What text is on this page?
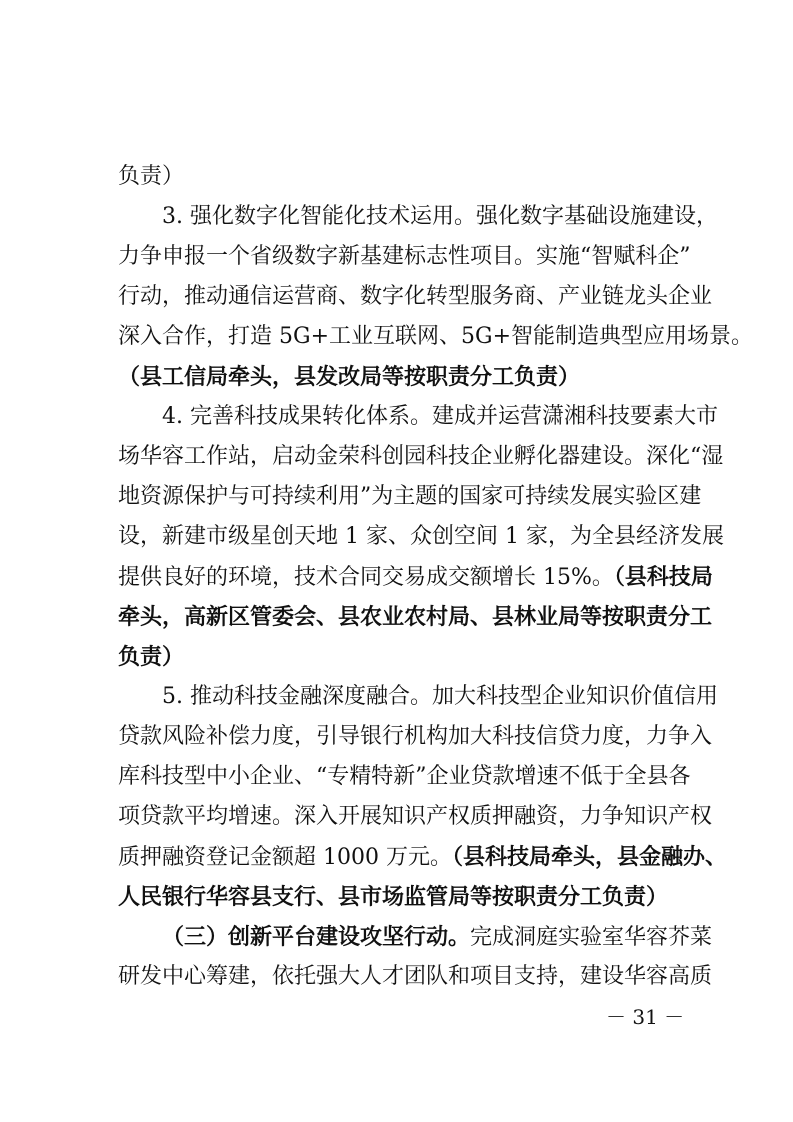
负责）
3. 强化数字化智能化技术运用。强化数字基础设施建设，
力争申报一个省级数字新基建标志性项目。实施“智赋科企”
行动，推动通信运营商、数字化转型服务商、产业链龙头企业
深入合作，打造 5G+工业互联网、5G+智能制造典型应用场景。
（县工信局牵头，县发改局等按职责分工负责）
4. 完善科技成果转化体系。建成并运营潇湘科技要素大市
场华容工作站，启动金荣科创园科技企业孵化器建设。深化“湿
地资源保护与可持续利用”为主题的国家可持续发展实验区建
设，新建市级星创天地 1 家、众创空间 1 家，为全县经济发展
提供良好的环境，技术合同交易成交额增长 15%。（县科技局
牵头，高新区管委会、县农业农村局、县林业局等按职责分工
负责）
5. 推动科技金融深度融合。加大科技型企业知识价值信用
贷款风险补偿力度，引导银行机构加大科技信贷力度，力争入
库科技型中小企业、“专精特新”企业贷款增速不低于全县各
项贷款平均增速。深入开展知识产权质押融资，力争知识产权
质押融资登记金额超 1000 万元。（县科技局牵头，县金融办、
人民银行华容县支行、县市场监管局等按职责分工负责）
（三）创新平台建设攻坚行动。完成洞庭实验室华容芥菜
研发中心筹建，依托强大人才团队和项目支持，建设华容高质
－ 31 －
